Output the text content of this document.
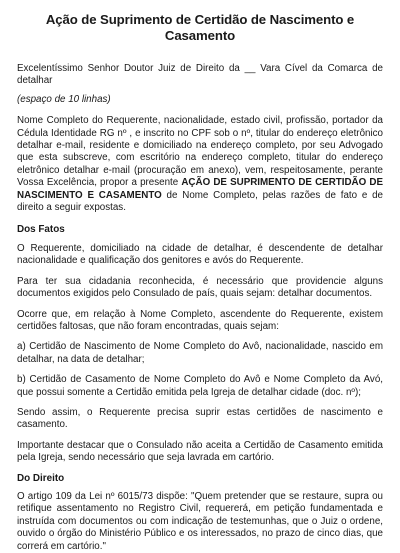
Ação de Suprimento de Certidão de Nascimento e Casamento

Excelentíssimo Senhor Doutor Juiz de Direito da __ Vara Cível da Comarca de detalhar

(espaço de 10 linhas)

Nome Completo do Requerente, nacionalidade, estado civil, profissão, portador da Cédula Identidade RG nº , e inscrito no CPF sob o nº, titular do endereço eletrônico detalhar e-mail, residente e domiciliado na endereço completo, por seu Advogado que esta subscreve, com escritório na endereço completo, titular do endereço eletrônico detalhar e-mail (procuração em anexo), vem, respeitosamente, perante Vossa Excelência, propor a presente AÇÃO DE SUPRIMENTO DE CERTIDÃO DE NASCIMENTO E CASAMENTO de Nome Completo, pelas razões de fato e de direito a seguir expostas.

Dos Fatos

O Requerente, domiciliado na cidade de detalhar, é descendente de detalhar nacionalidade e qualificação dos genitores e avós do Requerente.

Para ter sua cidadania reconhecida, é necessário que providencie alguns documentos exigidos pelo Consulado de país, quais sejam: detalhar documentos.

Ocorre que, em relação à Nome Completo, ascendente do Requerente, existem certidões faltosas, que não foram encontradas, quais sejam:

a) Certidão de Nascimento de Nome Completo do Avô, nacionalidade, nascido em detalhar, na data de detalhar;

b) Certidão de Casamento de Nome Completo do Avô e Nome Completo da Avó, que possui somente a Certidão emitida pela Igreja de detalhar cidade (doc. nº);

Sendo assim, o Requerente precisa suprir estas certidões de nascimento e casamento.

Importante destacar que o Consulado não aceita a Certidão de Casamento emitida pela Igreja, sendo necessário que seja lavrada em cartório.

Do Direito

O artigo 109 da Lei nº 6015/73 dispõe: "Quem pretender que se restaure, supra ou retifique assentamento no Registro Civil, requererá, em petição fundamentada e instruída com documentos ou com indicação de testemunhas, que o Juiz o ordene, ouvido o órgão do Ministério Público e os interessados, no prazo de cinco dias, que correrá em cartório."
